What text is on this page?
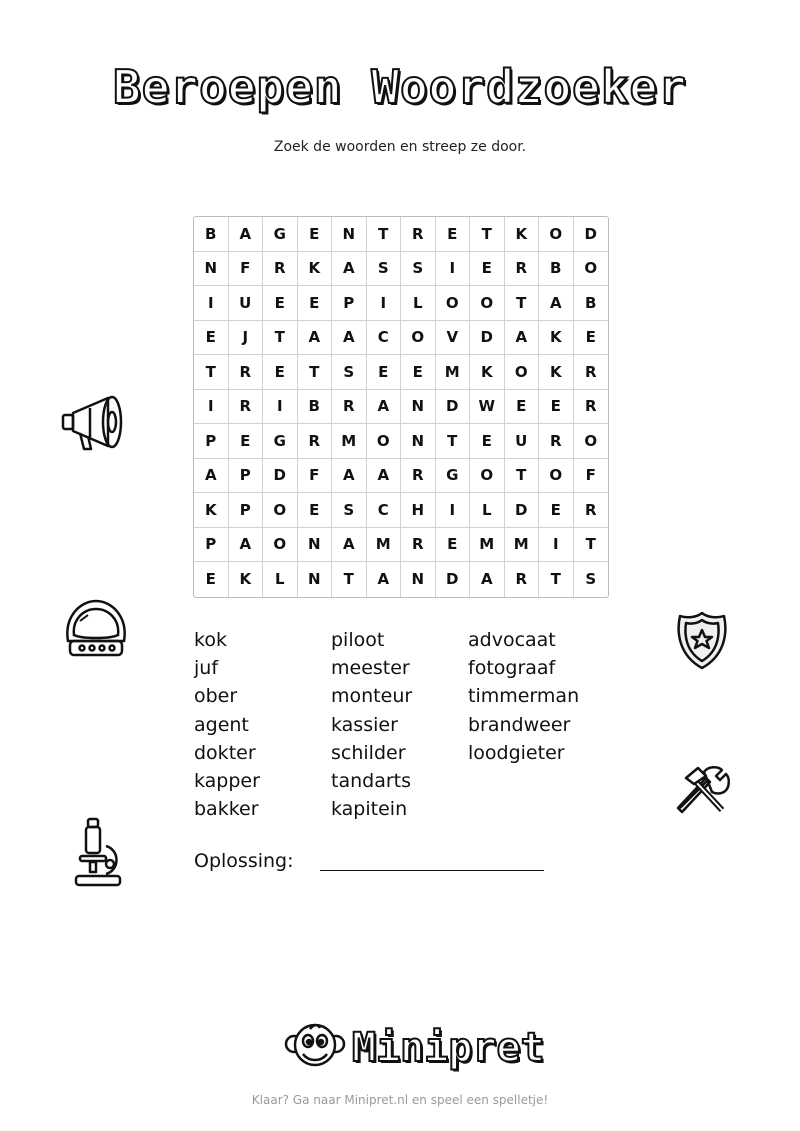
Beroepen Woordzoeker
Zoek de woorden en streep ze door.
B	A	G	E	N	T	R	E	T	K	O	D
N	F	R	K	A	S	S	I	E	R	B	O
I	U	E	E	P	I	L	O	O	T	A	B
E	J	T	A	A	C	O	V	D	A	K	E
T	R	E	T	S	E	E	M	K	O	K	R
I	R	I	B	R	A	N	D	W	E	E	R
P	E	G	R	M	O	N	T	E	U	R	O
A	P	D	F	A	A	R	G	O	T	O	F
K	P	O	E	S	C	H	I	L	D	E	R
P	A	O	N	A	M	R	E	M	M	I	T
E	K	L	N	T	A	N	D	A	R	T	S
kok
juf
ober
agent
dokter
kapper
bakker
piloot
meester
monteur
kassier
schilder
tandarts
kapitein
advocaat
fotograaf
timmerman
brandweer
loodgieter
Oplossing:
Minipret
Klaar? Ga naar Minipret.nl en speel een spelletje!
